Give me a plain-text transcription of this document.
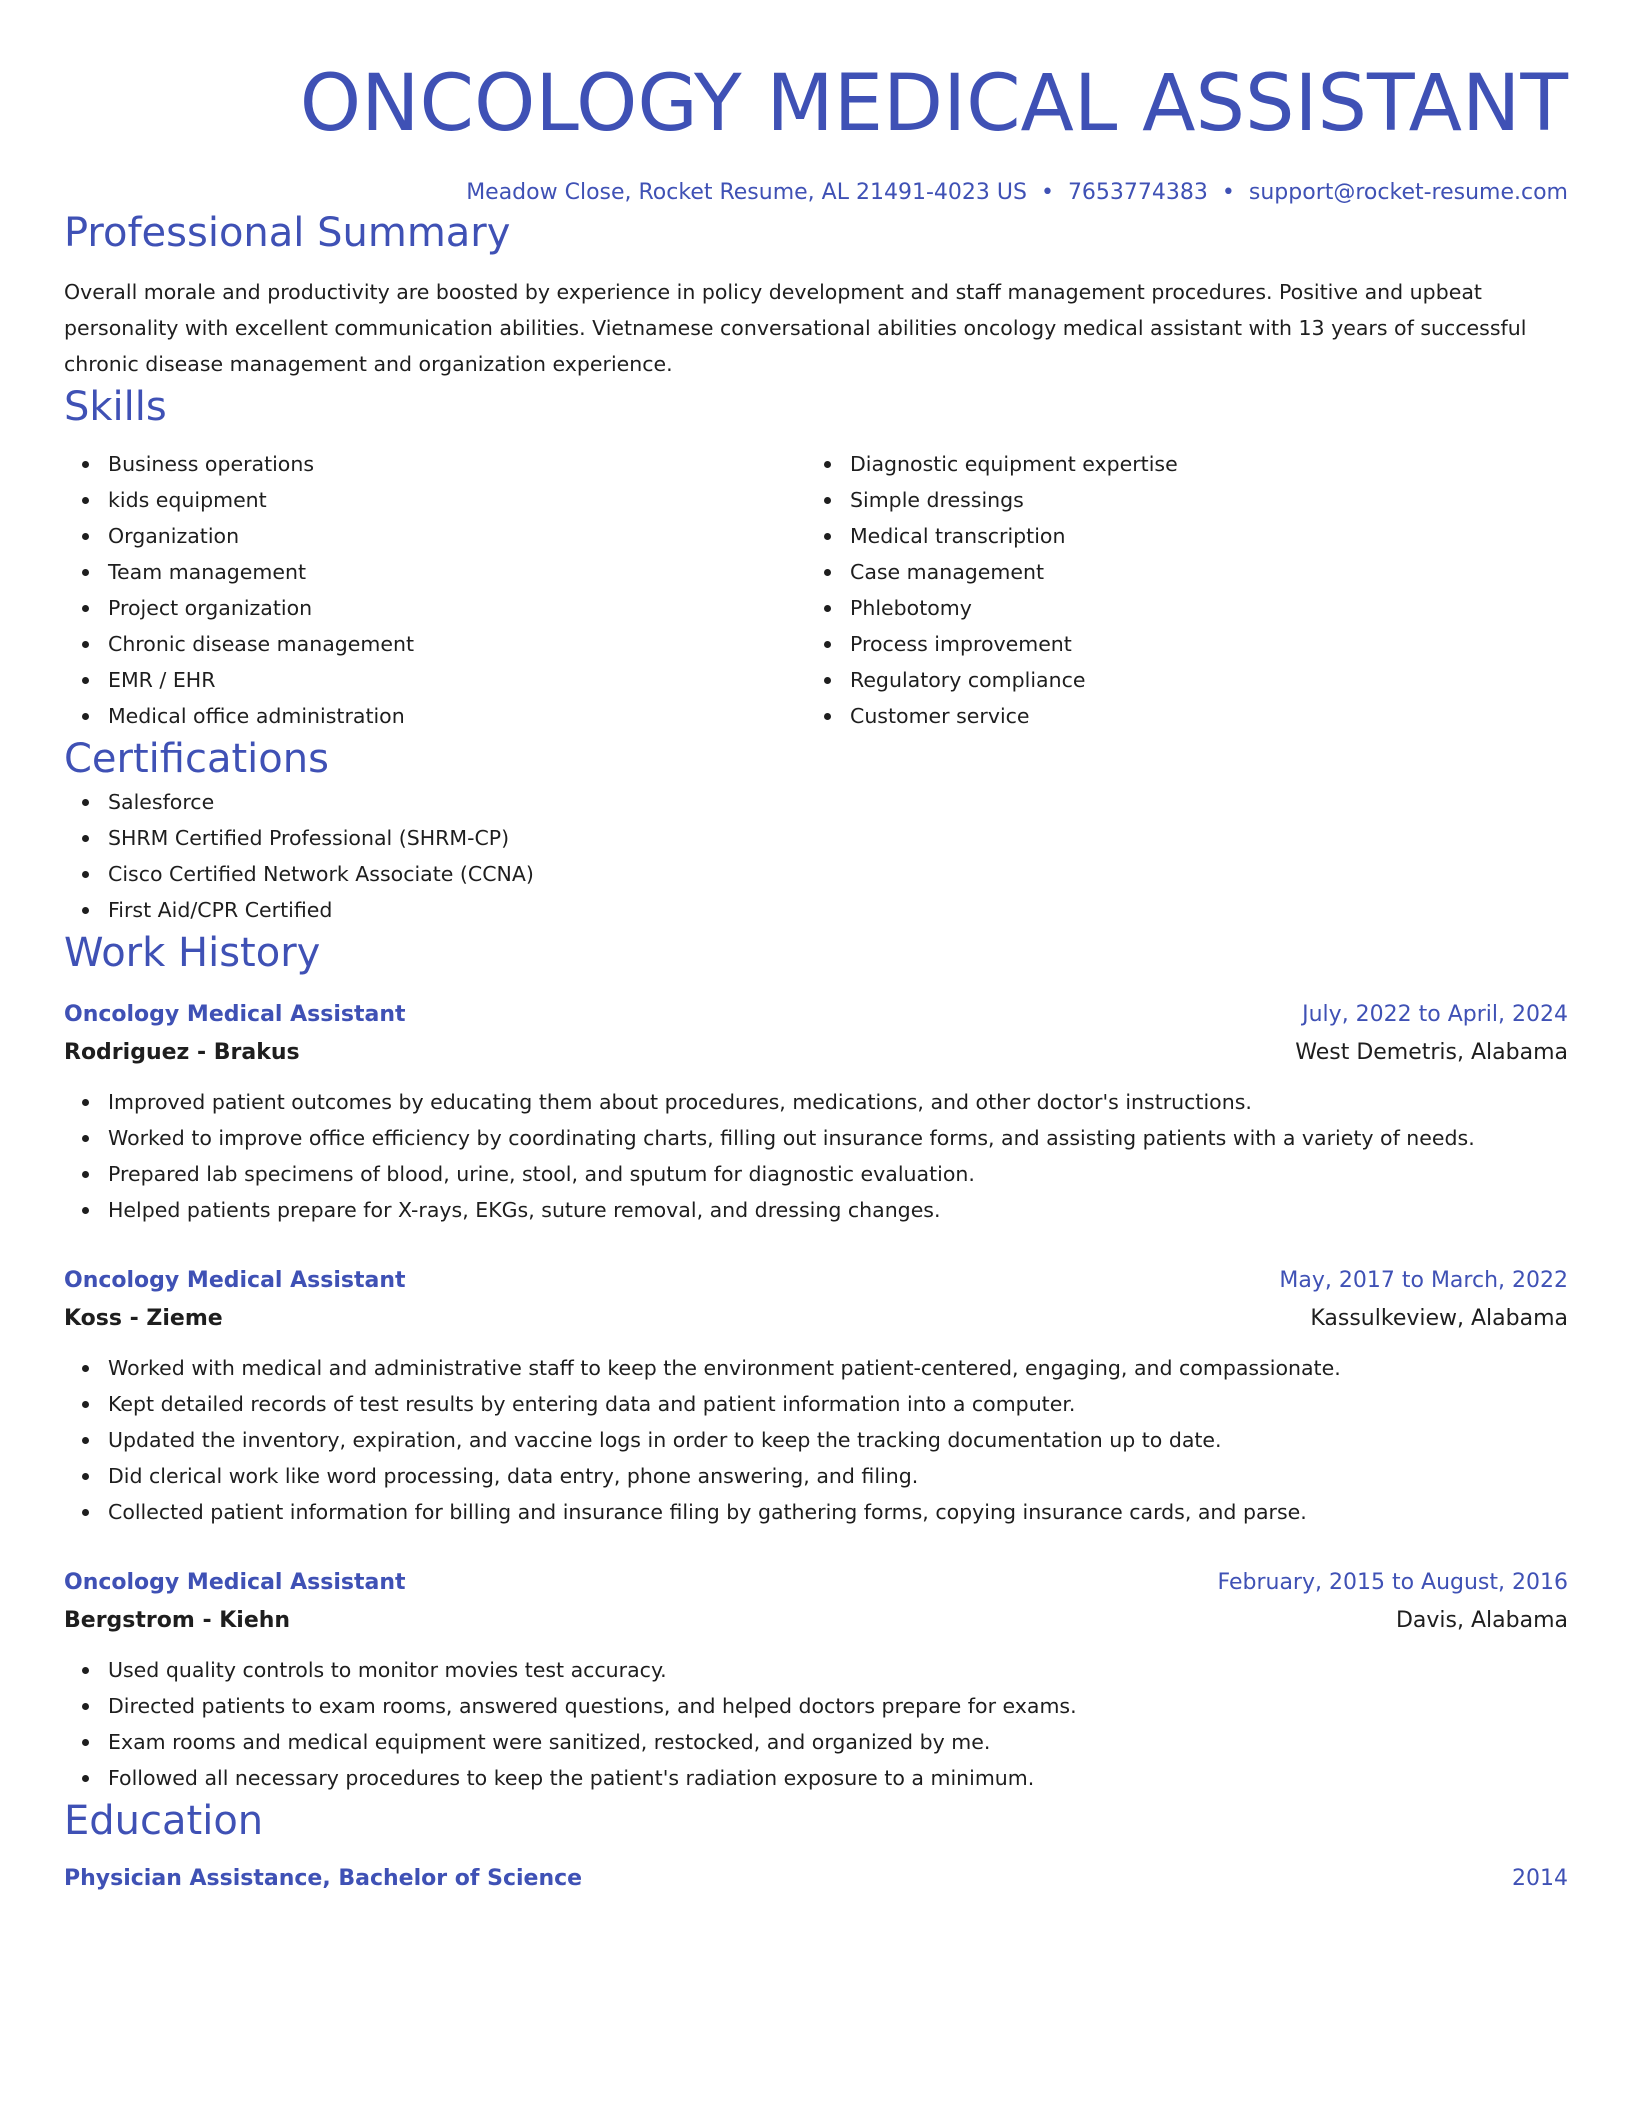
ONCOLOGY MEDICAL ASSISTANT
Meadow Close, Rocket Resume, AL 21491-4023 US • 7653774383 • support@rocket-resume.com
Professional Summary
Overall morale and productivity are boosted by experience in policy development and staff management procedures. Positive and upbeat personality with excellent communication abilities. Vietnamese conversational abilities oncology medical assistant with 13 years of successful chronic disease management and organization experience.
Skills
Business operations
kids equipment
Organization
Team management
Project organization
Chronic disease management
EMR / EHR
Medical office administration
Diagnostic equipment expertise
Simple dressings
Medical transcription
Case management
Phlebotomy
Process improvement
Regulatory compliance
Customer service
Certifications
Salesforce
SHRM Certified Professional (SHRM-CP)
Cisco Certified Network Associate (CCNA)
First Aid/CPR Certified
Work History
Oncology Medical Assistant	July, 2022 to April, 2024
Rodriguez - Brakus	West Demetris, Alabama
Improved patient outcomes by educating them about procedures, medications, and other doctor's instructions.
Worked to improve office efficiency by coordinating charts, filling out insurance forms, and assisting patients with a variety of needs.
Prepared lab specimens of blood, urine, stool, and sputum for diagnostic evaluation.
Helped patients prepare for X-rays, EKGs, suture removal, and dressing changes.
Oncology Medical Assistant	May, 2017 to March, 2022
Koss - Zieme	Kassulkeview, Alabama
Worked with medical and administrative staff to keep the environment patient-centered, engaging, and compassionate.
Kept detailed records of test results by entering data and patient information into a computer.
Updated the inventory, expiration, and vaccine logs in order to keep the tracking documentation up to date.
Did clerical work like word processing, data entry, phone answering, and filing.
Collected patient information for billing and insurance filing by gathering forms, copying insurance cards, and parse.
Oncology Medical Assistant	February, 2015 to August, 2016
Bergstrom - Kiehn	Davis, Alabama
Used quality controls to monitor movies test accuracy.
Directed patients to exam rooms, answered questions, and helped doctors prepare for exams.
Exam rooms and medical equipment were sanitized, restocked, and organized by me.
Followed all necessary procedures to keep the patient's radiation exposure to a minimum.
Education
Physician Assistance, Bachelor of Science	2014
